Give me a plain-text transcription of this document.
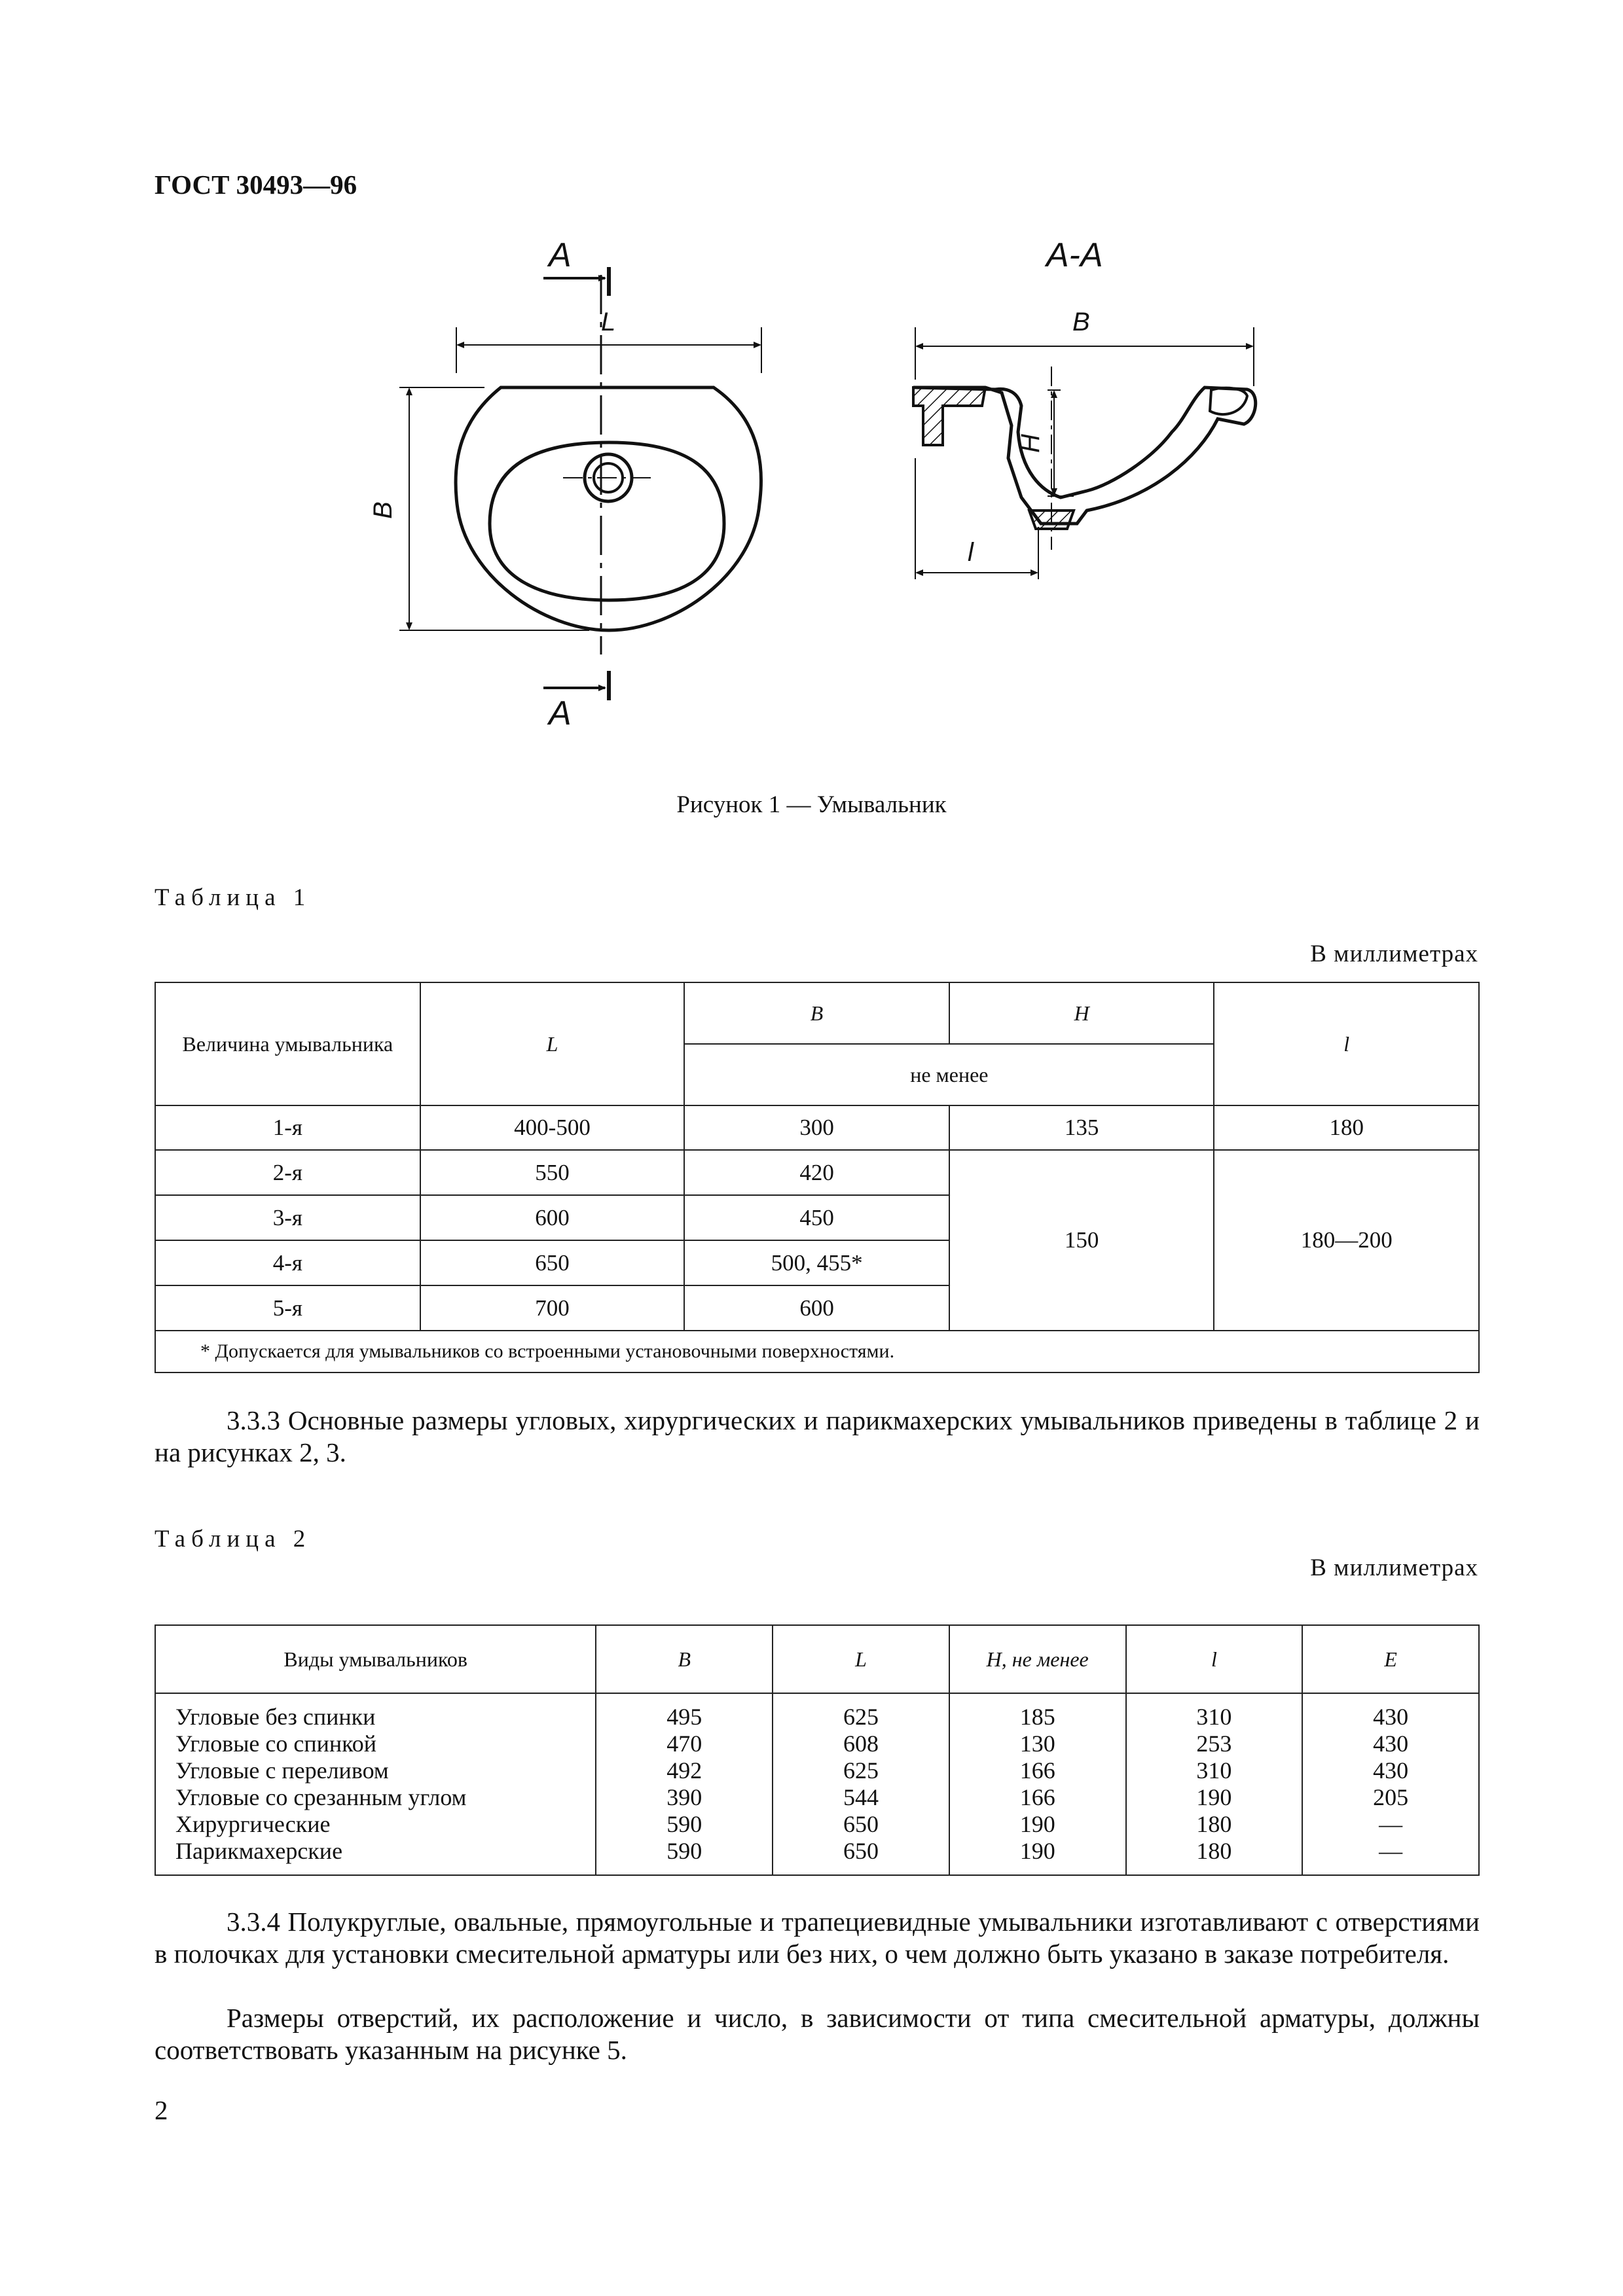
ГОСТ 30493—96
A
A
A-A
L
B
B
H
l
Рисунок 1 — Умывальник
Таблица 1
В миллиметрах
Величина умывальника	L	B	H	l
		не менее		
1-я	400-500	300	135	180
2-я	550	420	150	180—200
3-я	600	450		
4-я	650	500, 455*		
5-я	700	600		
* Допускается для умывальников со встроенными установочными поверхностями.				
3.3.3 Основные размеры угловых, хирургических и парикмахерских умывальников приведены в таблице 2 и на рисунках 2, 3.
Таблица 2
В миллиметрах
Виды умывальников	B	L	H, не менее	l	E

Угловые без спинки	495	625	185	310	430
Угловые со спинкой	470	608	130	253	430
Угловые с переливом	492	625	166	310	430
Угловые со срезанным углом	390	544	166	190	205
Хирургические	590	650	190	180	—
Парикмахерские	590	650	190	180	—

3.3.4 Полукруглые, овальные, прямоугольные и трапециевидные умывальники изготавливают с отверстиями в полочках для установки смесительной арматуры или без них, о чем должно быть указано в заказе потребителя.
Размеры отверстий, их расположение и число, в зависимости от типа смесительной арматуры, должны соответствовать указанным на рисунке 5.
2
